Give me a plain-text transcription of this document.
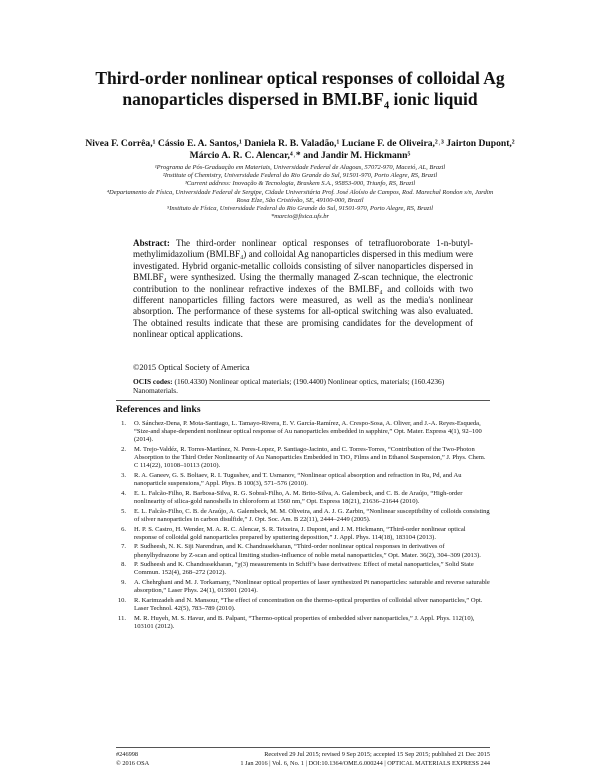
Third-order nonlinear optical responses of colloidal Ag nanoparticles dispersed in BMI.BF₄ ionic liquid
Nivea F. Corrêa,¹ Cássio E. A. Santos,¹ Daniela R. B. Valadão,¹ Luciane F. de Oliveira,²˒³ Jairton Dupont,² Márcio A. R. C. Alencar,⁴˒* and Jandir M. Hickmann⁵
¹Programa de Pós-Graduação em Materiais, Universidade Federal de Alagoas, 57072-970, Maceió, AL, Brazil
²Institute of Chemistry, Universidade Federal do Rio Grande do Sul, 91501-970, Porto Alegre, RS, Brazil
³Current address: Inovação & Tecnologia, Braskem S.A., 95853-000, Triunfo, RS, Brazil
⁴Departamento de Física, Universidade Federal de Sergipe, Cidade Universitária Prof. José Aloísio de Campos, Rod. Marechal Rondon s/n, Jardim Rosa Elze, São Cristóvão, SE, 49100-000, Brazil
⁵Instituto de Física, Universidade Federal do Rio Grande do Sul, 91501-970, Porto Alegre, RS, Brazil
*marcio@fisica.ufs.br
Abstract: The third-order nonlinear optical responses of tetrafluoroborate 1-n-butyl-methylimidazolium (BMI.BF₄) and colloidal Ag nanoparticles dispersed in this medium were investigated. Hybrid organic-metallic colloids consisting of silver nanoparticles dispersed in BMI.BF₄ were synthesized. Using the thermally managed Z-scan technique, the electronic contribution to the nonlinear refractive indexes of the BMI.BF₄ and colloids with two different nanoparticles filling factors were measured, as well as the media's nonlinear absorption. The performance of these systems for all-optical switching was also evaluated. The obtained results indicate that these are promising candidates for the development of nonlinear optical applications.
©2015 Optical Society of America
OCIS codes: (160.4330) Nonlinear optical materials; (190.4400) Nonlinear optics, materials; (160.4236) Nanomaterials.
References and links
1. O. Sánchez-Dena, P. Mota-Santiago, L. Tamayo-Rivera, E. V. García-Ramírez, A. Crespo-Sosa, A. Oliver, and J.-A. Reyes-Esqueda, “Size-and shape-dependent nonlinear optical response of Au nanoparticles embedded in sapphire,” Opt. Mater. Express 4(1), 92–100 (2014).
2. M. Trejo-Valdéz, R. Torres-Martínez, N. Peres-Lopez, P. Santiago-Jacinto, and C. Torres-Torres, “Contribution of the Two-Photon Absorption to the Third Order Nonlinearity of Au Nanoparticles Embedded in TiO₂ Films and in Ethanol Suspension,” J. Phys. Chem. C 114(22), 10108–10113 (2010).
3. R. A. Ganeev, G. S. Boltaev, R. I. Tugushev, and T. Usmanov, “Nonlinear optical absorption and refraction in Ru, Pd, and Au nanoparticle suspensions,” Appl. Phys. B 100(3), 571–576 (2010).
4. E. L. Falcão-Filho, R. Barbosa-Silva, R. G. Sobral-Filho, A. M. Brito-Silva, A. Galembeck, and C. B. de Araújo, “High-order nonlinearity of silica-gold nanoshells in chloroform at 1560 nm,” Opt. Express 18(21), 21636–21644 (2010).
5. E. L. Falcão-Filho, C. B. de Araújo, A. Galembeck, M. M. Oliveira, and A. J. G. Zarbin, “Nonlinear susceptibility of colloids consisting of silver nanoparticles in carbon disulfide,” J. Opt. Soc. Am. B 22(11), 2444–2449 (2005).
6. H. P. S. Castro, H. Wender, M. A. R. C. Alencar, S. R. Teixeira, J. Dupont, and J. M. Hickmann, “Third-order nonlinear optical response of colloidal gold nanoparticles prepared by sputtering deposition,” J. Appl. Phys. 114(18), 183104 (2013).
7. P. Sudheesh, N. K. Siji Narendran, and K. Chandrasekharan, “Third-order nonlinear optical responses in derivatives of phenylhydrazone by Z-scan and optical limiting studies-influence of noble metal nanoparticles,” Opt. Mater. 36(2), 304–309 (2013).
8. P. Sudheesh and K. Chandrasekharan, “χ(3) measurements in Schiff’s base derivatives: Effect of metal nanoparticles,” Solid State Commun. 152(4), 268–272 (2012).
9. A. Chehrghani and M. J. Torkamany, “Nonlinear optical properties of laser synthesized Pt nanoparticles: saturable and reverse saturable absorption,” Laser Phys. 24(1), 015901 (2014).
10. R. Karimzadeh and N. Mansour, “The effect of concentration on the thermo-optical properties of colloidal silver nanoparticles,” Opt. Laser Technol. 42(5), 783–789 (2010).
11. M. R. Huyeh, M. S. Havur, and B. Palpant, “Thermo-optical properties of embedded silver nanoparticles,” J. Appl. Phys. 112(10), 103101 (2012).
#246998	Received 29 Jul 2015; revised 9 Sep 2015; accepted 15 Sep 2015; published 21 Dec 2015
© 2016 OSA	1 Jan 2016 | Vol. 6, No. 1 | DOI:10.1364/OME.6.000244 | OPTICAL MATERIALS EXPRESS 244
